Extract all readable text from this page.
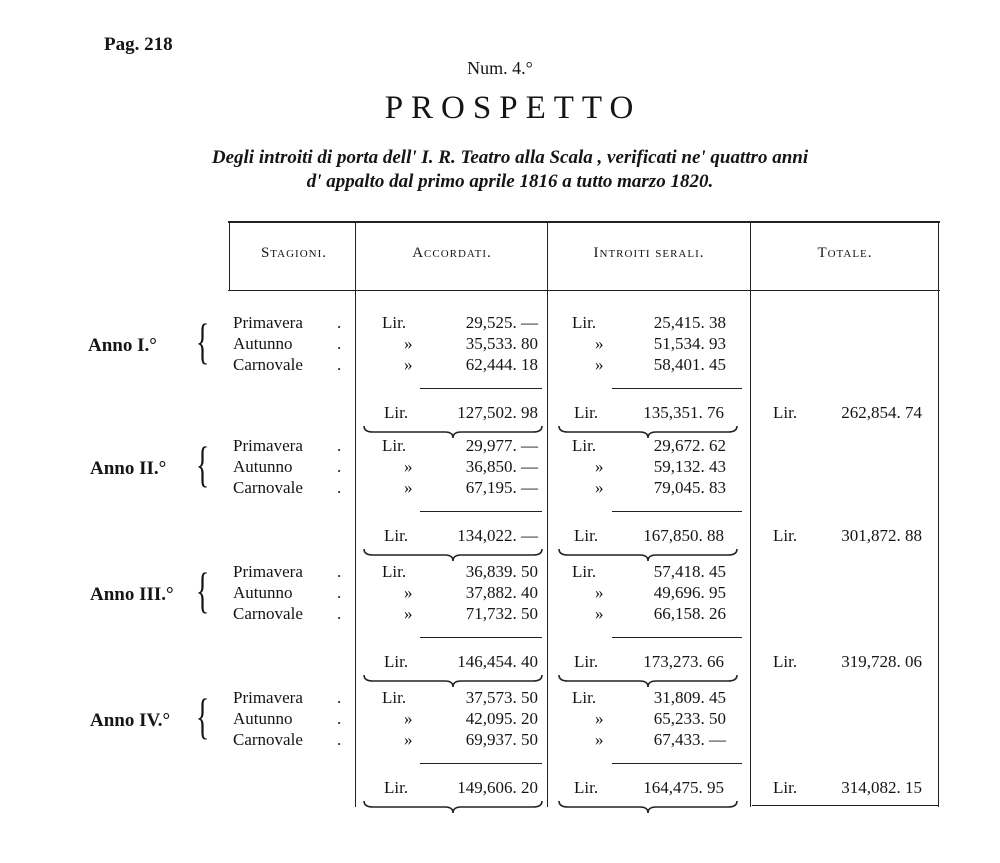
Pag. 218
Num. 4.°
PROSPETTO
Degli introiti di porta dell' I. R. Teatro alla Scala , verificati ne' quattro anni
d' appalto dal primo aprile 1816 a tutto marzo 1820.
Stagioni.	Accordati.	Introiti serali.	Totale.
Anno I.° { Primavera . Lir.	29,525. — Lir.	25,415. 38
Autunno	.	»	35,533. 80	»	51,534. 93
Carnovale .	»	62,444. 18	»	58,401. 45
Lir.	127,502. 98 Lir.	135,351. 76	Lir.	262,854. 74
Anno II.° { Primavera . Lir.	29,977. — Lir.	29,672. 62
Autunno	.	»	36,850. —	»	59,132. 43
Carnovale .	»	67,195. —	»	79,045. 83
Lir.	134,022. — Lir.	167,850. 88	Lir.	301,872. 88
Anno III.° { Primavera . Lir.	36,839. 50 Lir.	57,418. 45
Autunno	.	»	37,882. 40	»	49,696. 95
Carnovale .	»	71,732. 50	»	66,158. 26
Lir.	146,454. 40 Lir.	173,273. 66	Lir.	319,728. 06
Anno IV.° { Primavera . Lir.	37,573. 50 Lir.	31,809. 45
Autunno	.	»	42,095. 20	»	65,233. 50
Carnovale .	»	69,937. 50	»	67,433. —
Lir.	149,606. 20 Lir.	164,475. 95	Lir.	314,082. 15
